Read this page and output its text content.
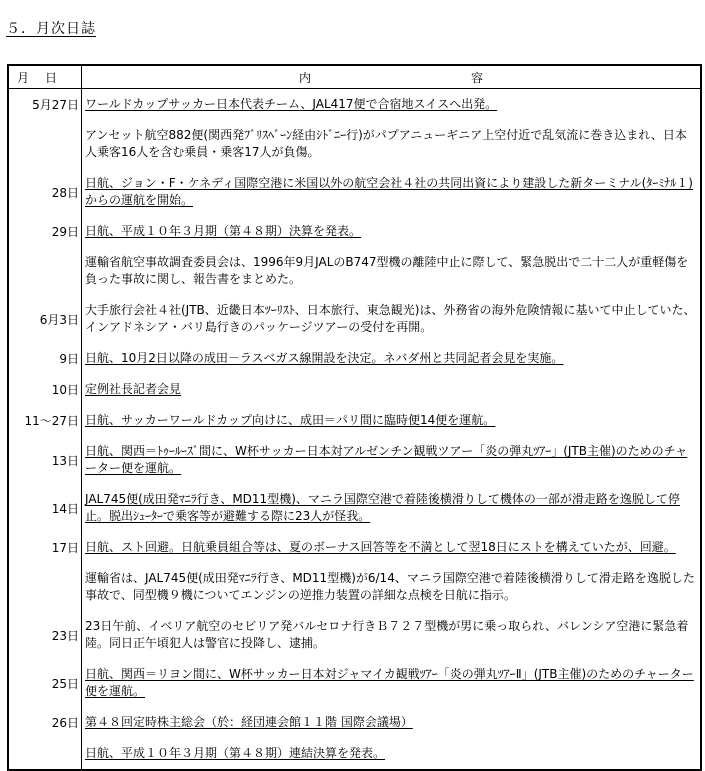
５．月次日誌
月日	内容
5月27日	ワールドカップサッカー日本代表チーム、JAL417便で合宿地スイスへ出発。
	アンセット航空882便(関西発ﾌﾞﾘｽﾍﾞｰﾝ経由ｼﾄﾞﾆｰ行)がパプアニューギニア上空付近で乱気流に巻き込まれ、日本人乗客16人を含む乗員・乗客17人が負傷。
28日	日航、ジョン・F・ケネディ国際空港に米国以外の航空会社４社の共同出資により建設した新ターミナル(ﾀｰﾐﾅﾙ１)からの運航を開始。
29日	日航、平成１０年３月期（第４８期）決算を発表。
	運輸省航空事故調査委員会は、1996年9月JALのB747型機の離陸中止に際して、緊急脱出で二十二人が重軽傷を負った事故に関し、報告書をまとめた。
6月3日	大手旅行会社４社(JTB、近畿日本ﾂｰﾘｽﾄ、日本旅行、東急観光)は、外務省の海外危険情報に基いて中止していた、インアドネシア・バリ島行きのパッケージツアーの受付を再開。
9日	日航、10月2日以降の成田－ラスベガス線開設を決定。ネバダ州と共同記者会見を実施。
10日	定例社長記者会見
11～27日	日航、サッカーワールドカップ向けに、成田＝パリ間に臨時便14便を運航。
13日	日航、関西＝ﾄｩｰﾙｰｽﾞ間に、W杯サッカー日本対アルゼンチン観戦ツアー「炎の弾丸ﾂｱｰ」(JTB主催)のためのチャーター便を運航。
14日	JAL745便(成田発ﾏﾆﾗ行き、MD11型機)、マニラ国際空港で着陸後横滑りして機体の一部が滑走路を逸脱して停止。脱出ｼｭｰﾀｰで乗客等が避難する際に23人が怪我。
17日	日航、スト回避。日航乗員組合等は、夏のボーナス回答等を不満として翌18日にストを構えていたが、回避。
	運輸省は、JAL745便(成田発ﾏﾆﾗ行き、MD11型機)が6/14、マニラ国際空港で着陸後横滑りして滑走路を逸脱した事故で、同型機９機についてエンジンの逆推力装置の詳細な点検を日航に指示。
23日	23日午前、イベリア航空のセビリア発バルセロナ行きＢ７２７型機が男に乗っ取られ、バレンシア空港に緊急着陸。同日正午頃犯人は警官に投降し、逮捕。
25日	日航、関西＝リヨン間に、W杯サッカー日本対ジャマイカ観戦ﾂｱｰ「炎の弾丸ﾂｱｰⅡ」(JTB主催)のためのチャーター便を運航。
26日	第４８回定時株主総会（於：経団連会館１１階 国際会議場）
	日航、平成１０年３月期（第４８期）連結決算を発表。
